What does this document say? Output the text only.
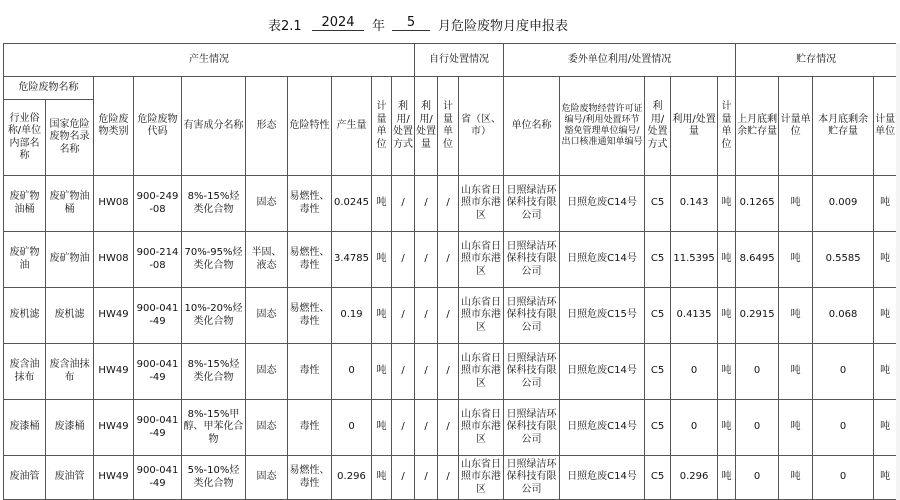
表2.1	2024	年	5	月危险废物月度申报表
产生情况										自行处置情况			委外单位利用/处置情况					贮存情况			
危险废物名称		危险废物类别	危险废物代码	有害成分名称	形态	危险特性	产生量	计量单位	利用/处置方式	利用/处置量	计量单位	省（区、市）	单位名称	危险废物经营许可证编号/利用处置环节豁免管理单位编号/出口核准通知单编号	利用/处置方式	利用/处置量	计量单位	上月底剩余贮存量	计量单位	本月底剩余贮存量	计量单位
行业俗称/单位内部名称	国家危险废物名录名称																				
废矿物油桶	废矿物油桶	HW08	900-249-08	8%-15%烃类化合物	固态	易燃性、毒性	0.0245	吨	/	/	/	山东省日照市东港区	日照绿洁环保科技有限公司	日照危废C14号	C5	0.143	吨	0.1265	吨	0.009	吨
废矿物油	废矿物油	HW08	900-214-08	70%-95%烃类化合物	半固、液态	易燃性、毒性	3.4785	吨	/	/	/	山东省日照市东港区	日照绿洁环保科技有限公司	日照危废C14号	C5	11.5395	吨	8.6495	吨	0.5585	吨
废机滤	废机滤	HW49	900-041-49	10%-20%烃类化合物	固态	易燃性、毒性	0.19	吨	/	/	/	山东省日照市东港区	日照绿洁环保科技有限公司	日照危废C15号	C5	0.4135	吨	0.2915	吨	0.068	吨
废含油抹布	废含油抹布	HW49	900-041-49	8%-15%烃类化合物	固态	毒性	0	吨	/	/	/	山东省日照市东港区	日照绿洁环保科技有限公司	日照危废C14号	C5	0	吨	0	吨	0	吨
废漆桶	废漆桶	HW49	900-041-49	8%-15%甲醇、甲苯化合物	固态	毒性	0	吨	/	/	/	山东省日照市东港区	日照绿洁环保科技有限公司	日照危废C14号	C5	0	吨	0	吨	0	吨
废油管	废油管	HW49	900-041-49	5%-10%烃类化合物	固态	易燃性、毒性	0.296	吨	/	/	/	山东省日照市东港区	日照绿洁环保科技有限公司	日照危废C14号	C5	0.296	吨	0	吨	0	吨
